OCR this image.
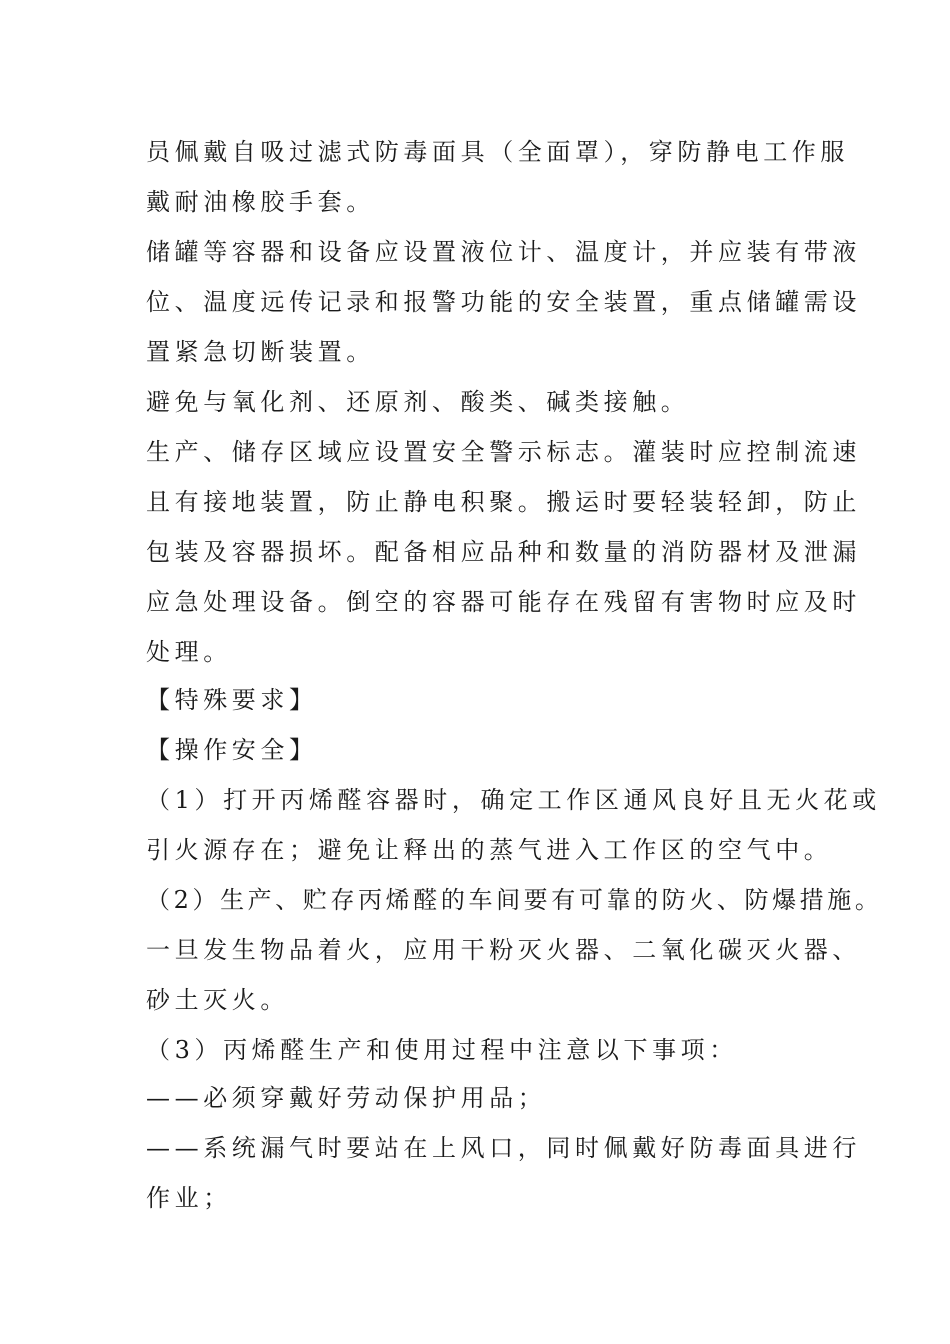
员佩戴自吸过滤式防毒面具（全面罩），穿防静电工作服
戴耐油橡胶手套。
储罐等容器和设备应设置液位计、温度计，并应装有带液
位、温度远传记录和报警功能的安全装置，重点储罐需设
置紧急切断装置。
避免与氧化剂、还原剂、酸类、碱类接触。
生产、储存区域应设置安全警示标志。灌装时应控制流速
且有接地装置，防止静电积聚。搬运时要轻装轻卸，防止
包装及容器损坏。配备相应品种和数量的消防器材及泄漏
应急处理设备。倒空的容器可能存在残留有害物时应及时
处理。
【特殊要求】
【操作安全】
（1）打开丙烯醛容器时，确定工作区通风良好且无火花或
引火源存在；避免让释出的蒸气进入工作区的空气中。
（2）生产、贮存丙烯醛的车间要有可靠的防火、防爆措施。
一旦发生物品着火，应用干粉灭火器、二氧化碳灭火器、
砂土灭火。
（3）丙烯醛生产和使用过程中注意以下事项：
——必须穿戴好劳动保护用品；
——系统漏气时要站在上风口，同时佩戴好防毒面具进行
作业；
